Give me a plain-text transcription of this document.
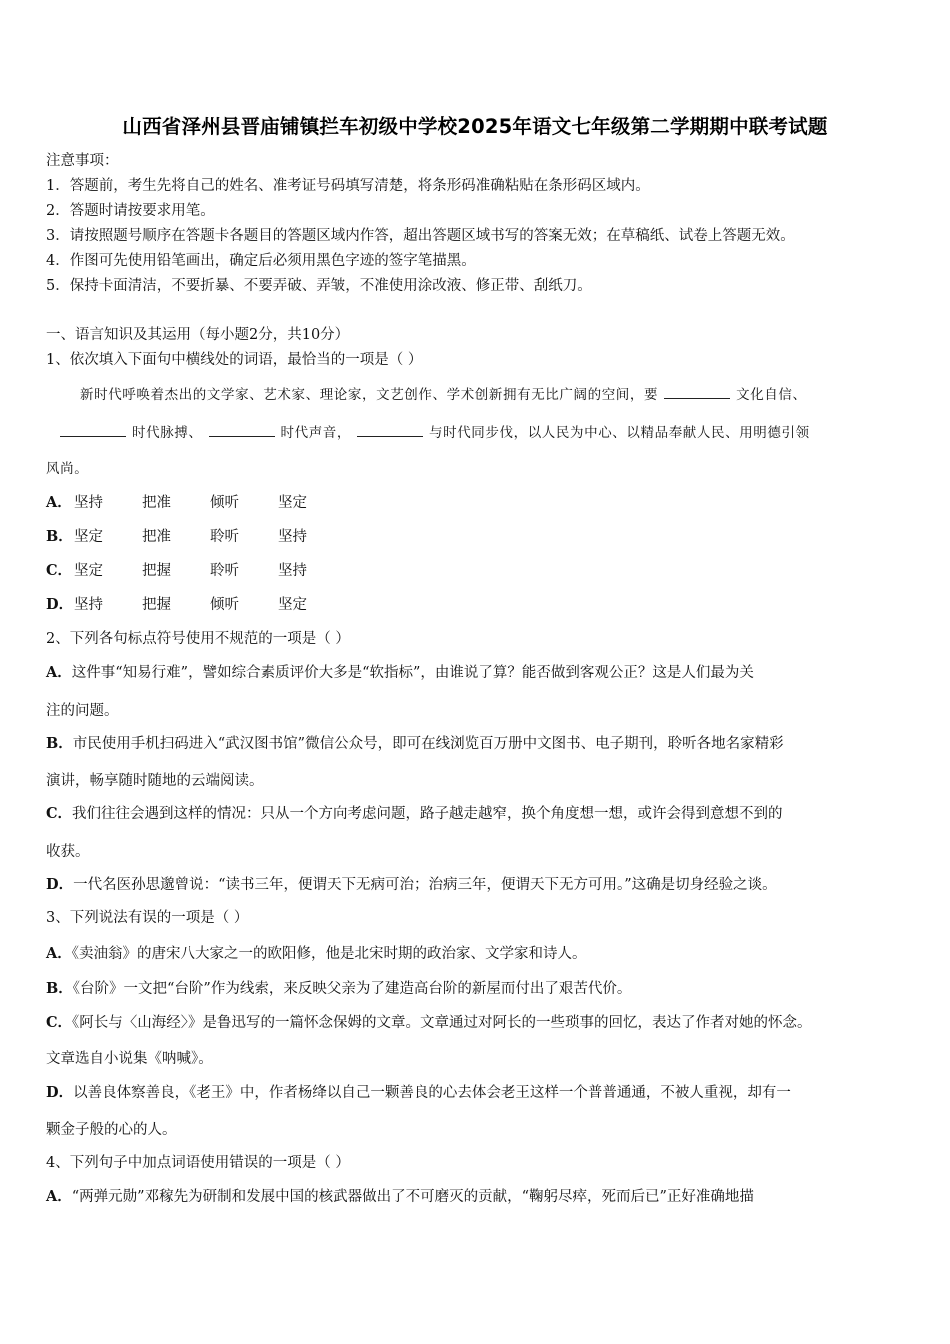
山西省泽州县晋庙铺镇拦车初级中学校2025年语文七年级第二学期期中联考试题
注意事项：
1．答题前，考生先将自己的姓名、准考证号码填写清楚，将条形码准确粘贴在条形码区域内。
2．答题时请按要求用笔。
3．请按照题号顺序在答题卡各题目的答题区域内作答，超出答题区域书写的答案无效；在草稿纸、试卷上答题无效。
4．作图可先使用铅笔画出，确定后必须用黑色字迹的签字笔描黑。
5．保持卡面清洁，不要折暴、不要弄破、弄皱，不准使用涂改液、修正带、刮纸刀。
一、语言知识及其运用（每小题2分，共10分）
1、依次填入下面句中横线处的词语，最恰当的一项是（ ）
新时代呼唤着杰出的文学家、艺术家、理论家，文艺创作、学术创新拥有无比广阔的空间，要	文化自信、
时代脉搏、	时代声音，	与时代同步伐，以人民为中心、以精品奉献人民、用明德引领
风尚。
A． 坚持	把准	倾听	坚定
B．坚定	把准	聆听	坚持
C． 坚定	把握	聆听	坚持
D．坚持	把握	倾听	坚定
2、下列各句标点符号使用不规范的一项是（ ）
A．这件事“知易行难”，譬如综合素质评价大多是“软指标”，由谁说了算？能否做到客观公正？这是人们最为关
注的问题。
B．市民使用手机扫码进入“武汉图书馆”微信公众号，即可在线浏览百万册中文图书、电子期刊，聆听各地名家精彩
演讲，畅享随时随地的云端阅读。
C．我们往往会遇到这样的情况：只从一个方向考虑问题，路子越走越窄，换个角度想一想，或许会得到意想不到的
收获。
D．一代名医孙思邈曾说：“读书三年，便谓天下无病可治；治病三年，便谓天下无方可用。”这确是切身经验之谈。
3、下列说法有误的一项是（ ）
A．《卖油翁》的唐宋八大家之一的欧阳修，他是北宋时期的政治家、文学家和诗人。
B．《台阶》一文把“台阶”作为线索，来反映父亲为了建造高台阶的新屋而付出了艰苦代价。
C．《阿长与〈山海经〉》是鲁迅写的一篇怀念保姆的文章。文章通过对阿长的一些琐事的回忆，表达了作者对她的怀念。
文章选自小说集《呐喊》。
D．以善良体察善良，《老王》中，作者杨绛以自己一颗善良的心去体会老王这样一个普普通通，不被人重视，却有一
颗金子般的心的人。
4、下列句子中加点词语使用错误的一项是（ ）
A．“两弹元勋”邓稼先为研制和发展中国的核武器做出了不可磨灭的贡献，“鞠躬尽瘁，死而后已”正好准确地描
